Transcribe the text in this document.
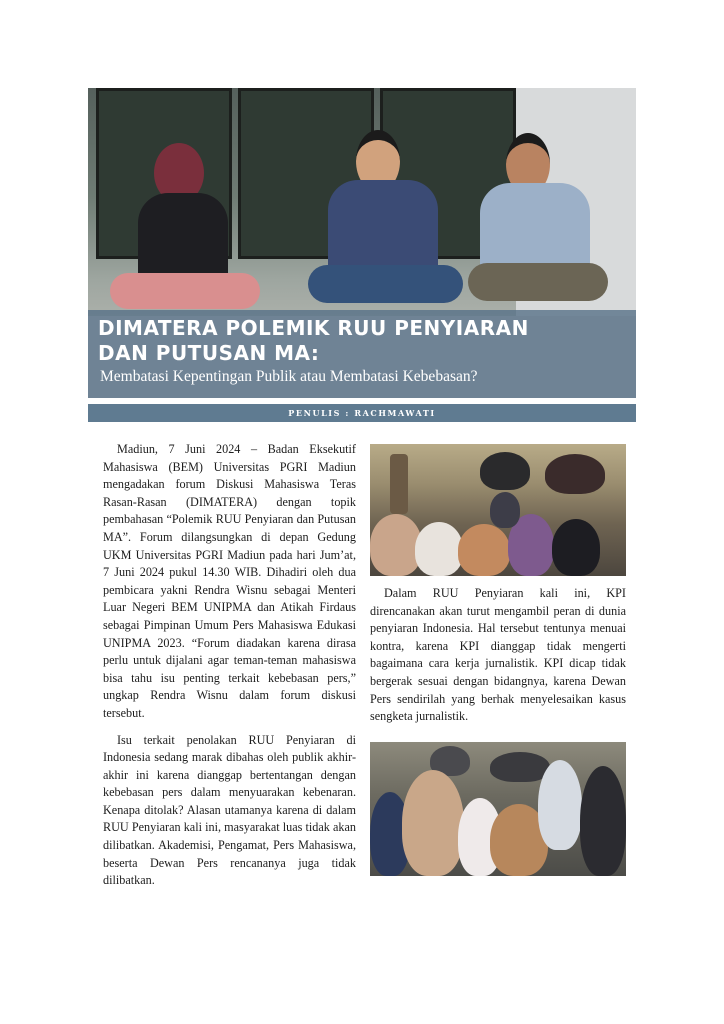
DIMATERA POLEMIK RUU PENYIARAN
DAN PUTUSAN MA:

Membatasi Kepentingan Publik atau Membatasi Kebebasan?

PENULIS : RACHMAWATI

Madiun, 7 Juni 2024 – Badan Eksekutif Mahasiswa (BEM) Universitas PGRI Madiun mengadakan forum Diskusi Mahasiswa Teras Rasan-Rasan (DIMATERA) dengan topik pembahasan “Polemik RUU Penyiaran dan Putusan MA”. Forum dilangsungkan di depan Gedung UKM Universitas PGRI Madiun pada hari Jum’at, 7 Juni 2024 pukul 14.30 WIB. Dihadiri oleh dua pembicara yakni Rendra Wisnu sebagai Menteri Luar Negeri BEM UNIPMA dan Atikah Firdaus sebagai Pimpinan Umum Pers Mahasiswa Edukasi UNIPMA 2023. “Forum diadakan karena dirasa perlu untuk dijalani agar teman-teman mahasiswa bisa tahu isu penting terkait kebebasan pers,” ungkap Rendra Wisnu dalam forum diskusi tersebut.

Isu terkait penolakan RUU Penyiaran di Indonesia sedang marak dibahas oleh publik akhir-akhir ini karena dianggap bertentangan dengan kebebasan pers dalam menyuarakan kebenaran. Kenapa ditolak? Alasan utamanya karena di dalam RUU Penyiaran kali ini, masyarakat luas tidak akan dilibatkan. Akademisi, Pengamat, Pers Mahasiswa, beserta Dewan Pers rencananya juga tidak dilibatkan.

Dalam RUU Penyiaran kali ini, KPI direncanakan akan turut mengambil peran di dunia penyiaran Indonesia. Hal tersebut tentunya menuai kontra, karena KPI dianggap tidak mengerti bagaimana cara kerja jurnalistik. KPI dicap tidak bergerak sesuai dengan bidangnya, karena Dewan Pers sendirilah yang berhak menyelesaikan kasus sengketa jurnalistik.
